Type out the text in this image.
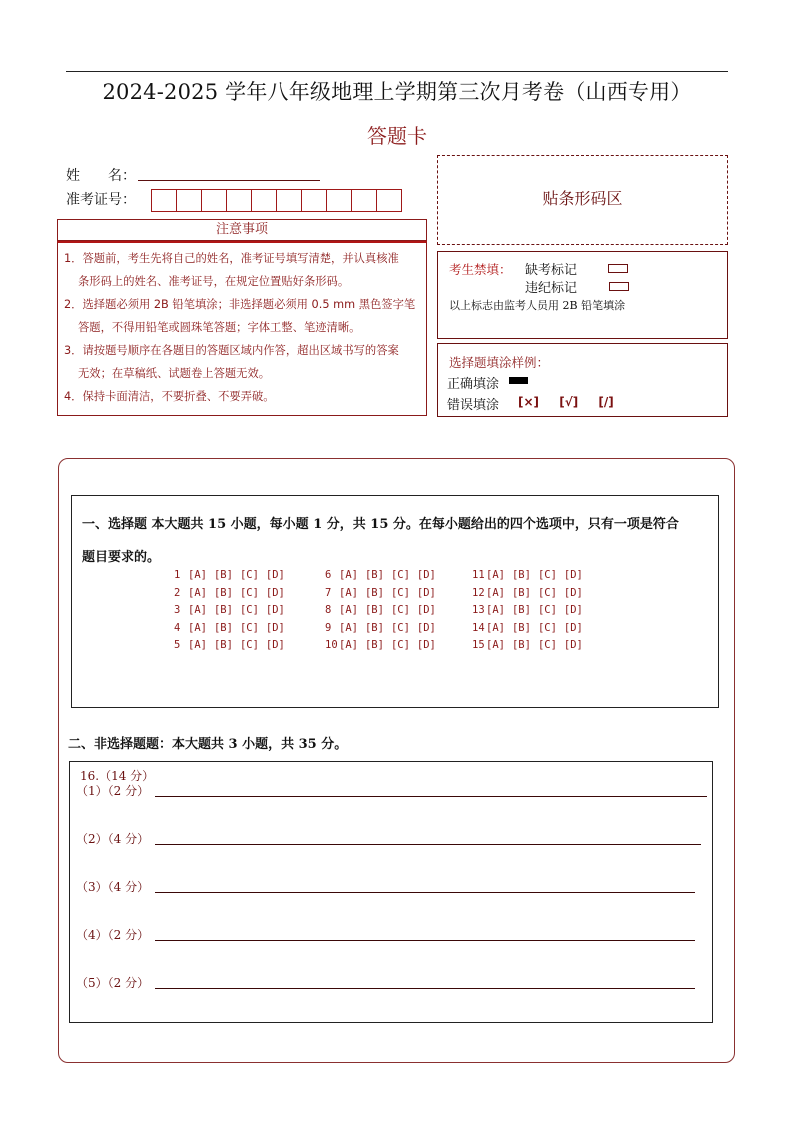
2024-2025 学年八年级地理上学期第三次月考卷（山西专用）
答题卡
姓　　名：
准考证号：
注意事项
1．答题前，考生先将自己的姓名，准考证号填写清楚，并认真核准
条形码上的姓名、准考证号，在规定位置贴好条形码。
2．选择题必须用 2B 铅笔填涂；非选择题必须用 0.5 mm 黑色签字笔
答题，不得用铅笔或圆珠笔答题；字体工整、笔迹清晰。
3．请按题号顺序在各题目的答题区域内作答，超出区域书写的答案
无效；在草稿纸、试题卷上答题无效。
4．保持卡面清洁，不要折叠、不要弄破。
贴条形码区
考生禁填： 缺考标记
违纪标记
以上标志由监考人员用 2B 铅笔填涂
选择题填涂样例：
正确填涂
错误填涂 [×] [√] [/]
一、选择题 本大题共 15 小题，每小题 1 分，共 15 分。在每小题给出的四个选项中，只有一项是符合
题目要求的。
1 [A] [B] [C] [D]
2 [A] [B] [C] [D]
3 [A] [B] [C] [D]
4 [A] [B] [C] [D]
5 [A] [B] [C] [D]
6 [A] [B] [C] [D]
7 [A] [B] [C] [D]
8 [A] [B] [C] [D]
9 [A] [B] [C] [D]
10[A] [B] [C] [D]
11[A] [B] [C] [D]
12[A] [B] [C] [D]
13[A] [B] [C] [D]
14[A] [B] [C] [D]
15[A] [B] [C] [D]
二、非选择题题：本大题共 3 小题，共 35 分。
16.（14 分）
（1）（2 分）
（2）（4 分）
（3）（4 分）
（4）（2 分）
（5）（2 分）
